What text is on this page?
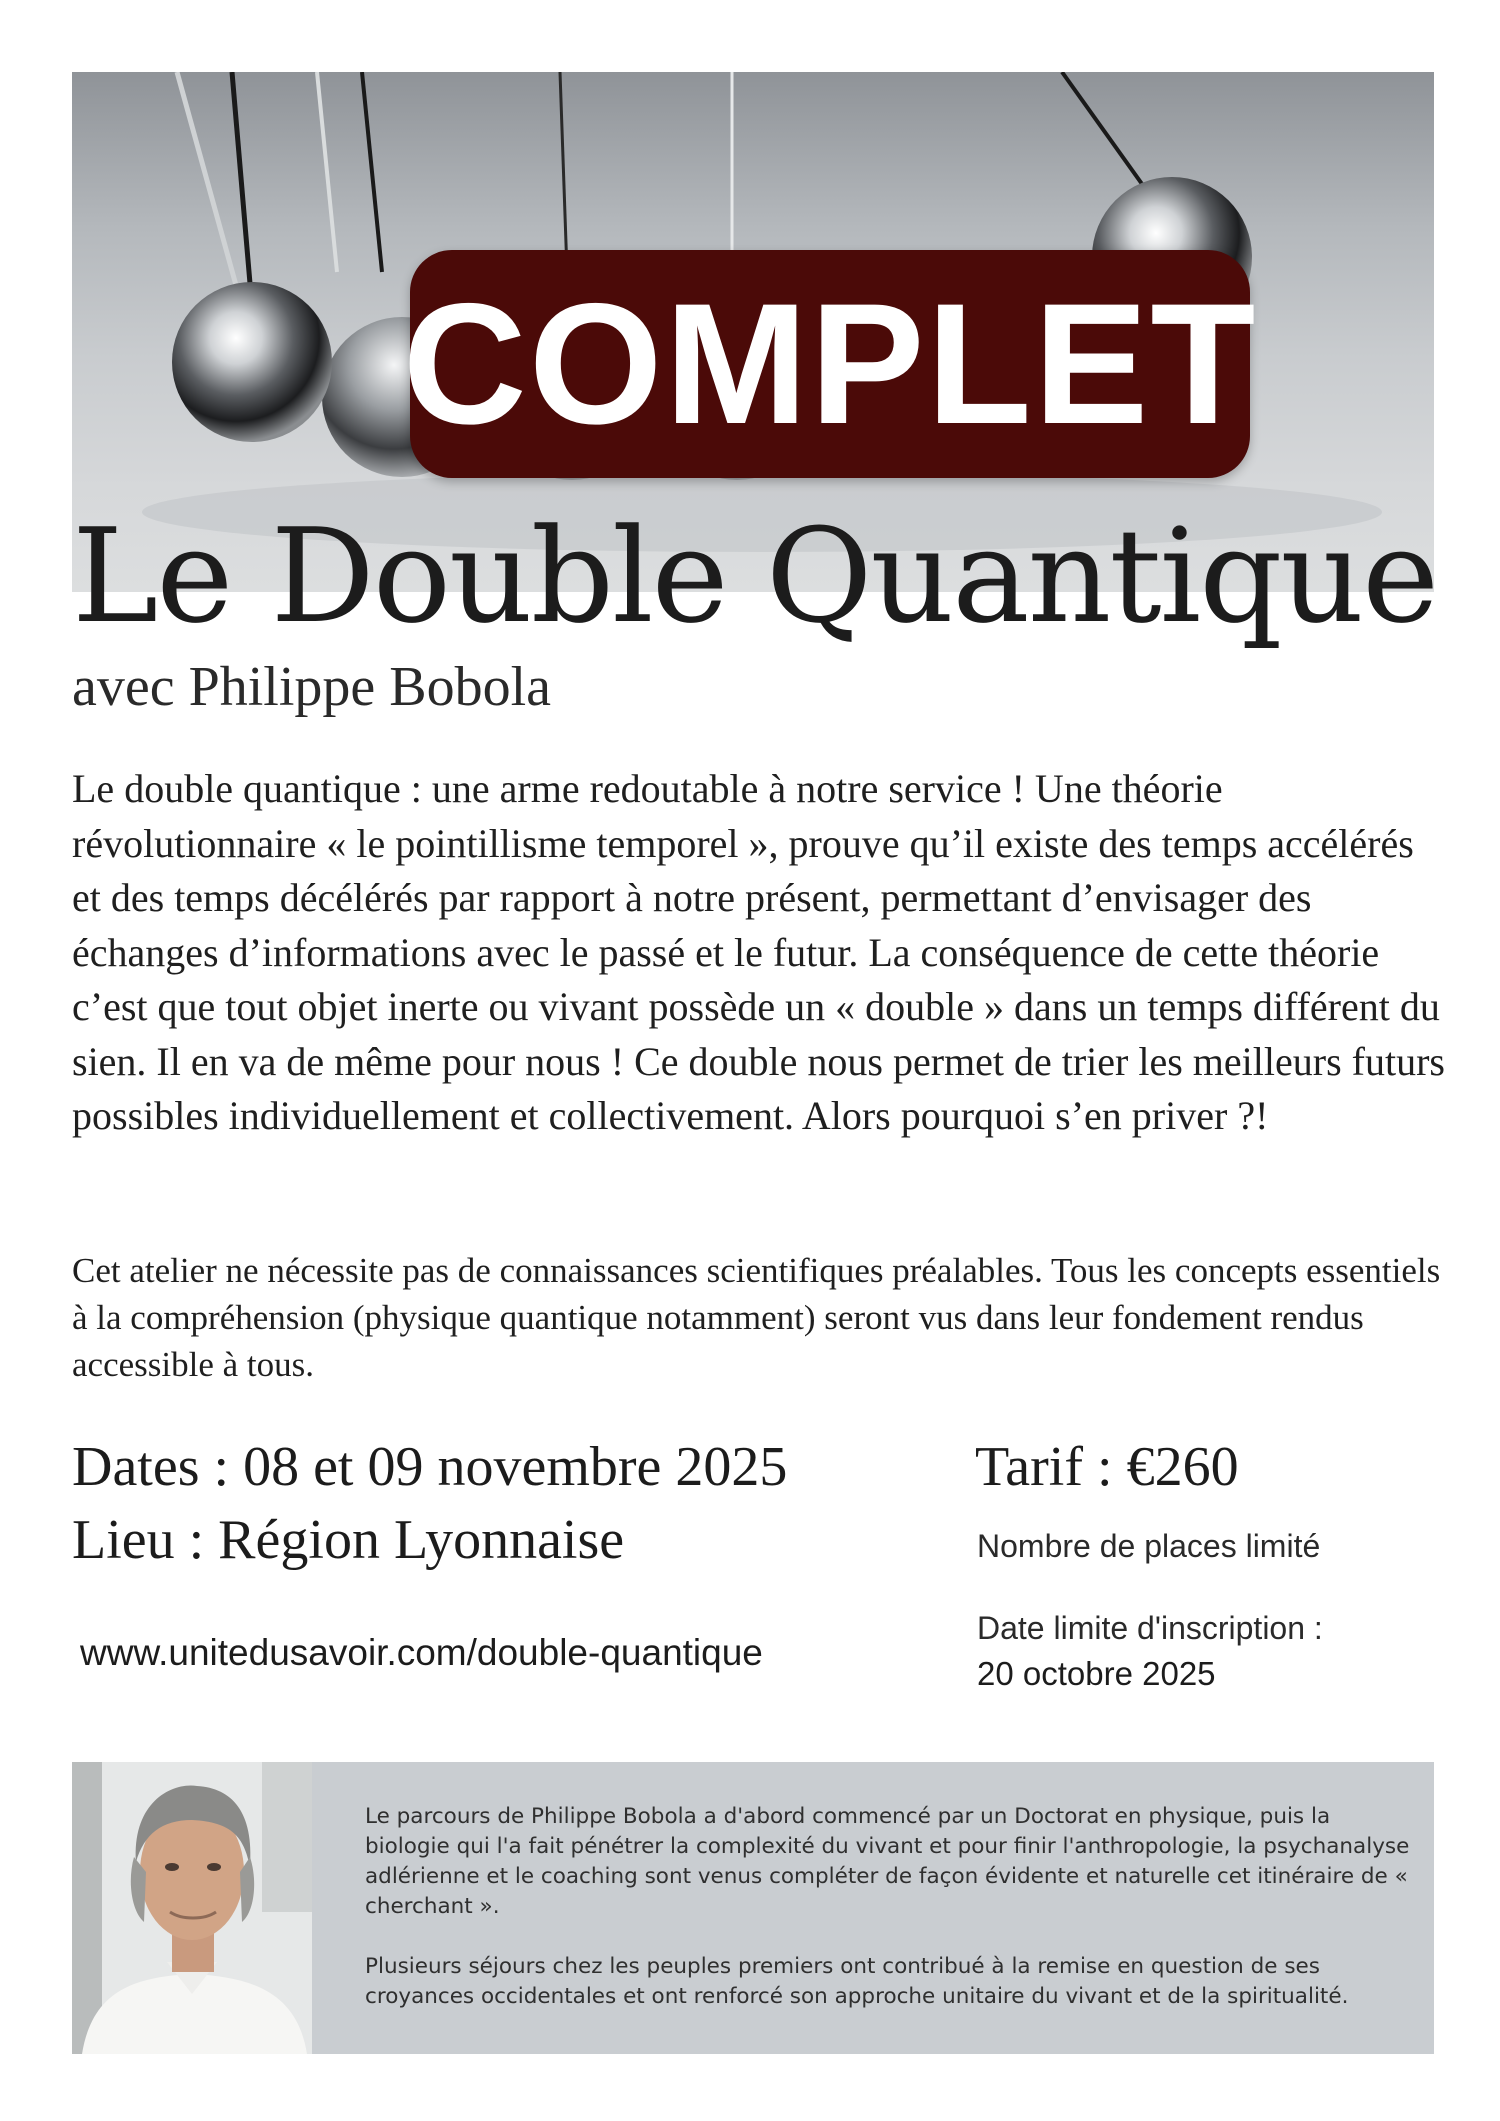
COMPLET
Le Double Quantique
avec Philippe Bobola
Le double quantique : une arme redoutable à notre service ! Une théorie révolutionnaire « le pointillisme temporel », prouve qu’il existe des temps accélérés et des temps décélérés par rapport à notre présent, permettant d’envisager des échanges d’informations avec le passé et le futur. La conséquence de cette théorie c’est que tout objet inerte ou vivant possède un « double » dans un temps différent du sien. Il en va de même pour nous ! Ce double nous permet de trier les meilleurs futurs possibles individuellement et collectivement. Alors pourquoi s’en priver ?!
Cet atelier ne nécessite pas de connaissances scientifiques préalables. Tous les concepts essentiels à la compréhension (physique quantique notamment) seront vus dans leur fondement rendus accessible à tous.
Dates : 08 et 09 novembre 2025
Lieu : Région Lyonnaise
www.unitedusavoir.com/double-quantique
Tarif : €260
Nombre de places limité
Date limite d'inscription :
20 octobre 2025

Le parcours de Philippe Bobola a d'abord commencé par un Doctorat en physique, puis la biologie qui l'a fait pénétrer la complexité du vivant et pour finir l'anthropologie, la psychanalyse adlérienne et le coaching sont venus compléter de façon évidente et naturelle cet itinéraire de « cherchant ».

Plusieurs séjours chez les peuples premiers ont contribué à la remise en question de ses croyances occidentales et ont renforcé son approche unitaire du vivant et de la spiritualité.
